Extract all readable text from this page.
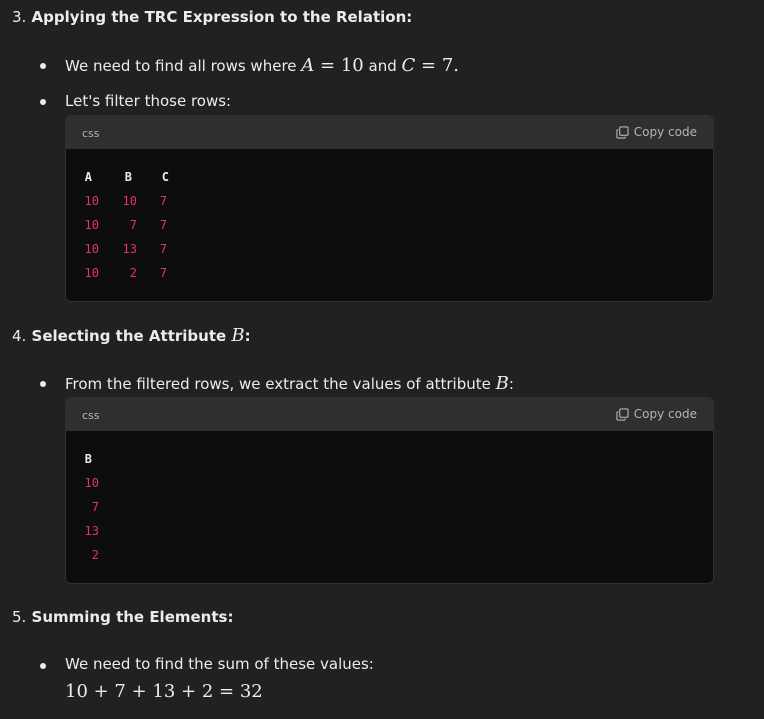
3. Applying the TRC Expression to the Relation:
We need to find all rows where A = 10 and C = 7.
Let's filter those rows:
css	Copy code
A	B	C
10	10	7
10	7	7
10	13	7
10	2	7
4. Selecting the Attribute B:
From the filtered rows, we extract the values of attribute B:
css	Copy code
B
10
7
13
2
5. Summing the Elements:
We need to find the sum of these values:
10 + 7 + 13 + 2 = 32
